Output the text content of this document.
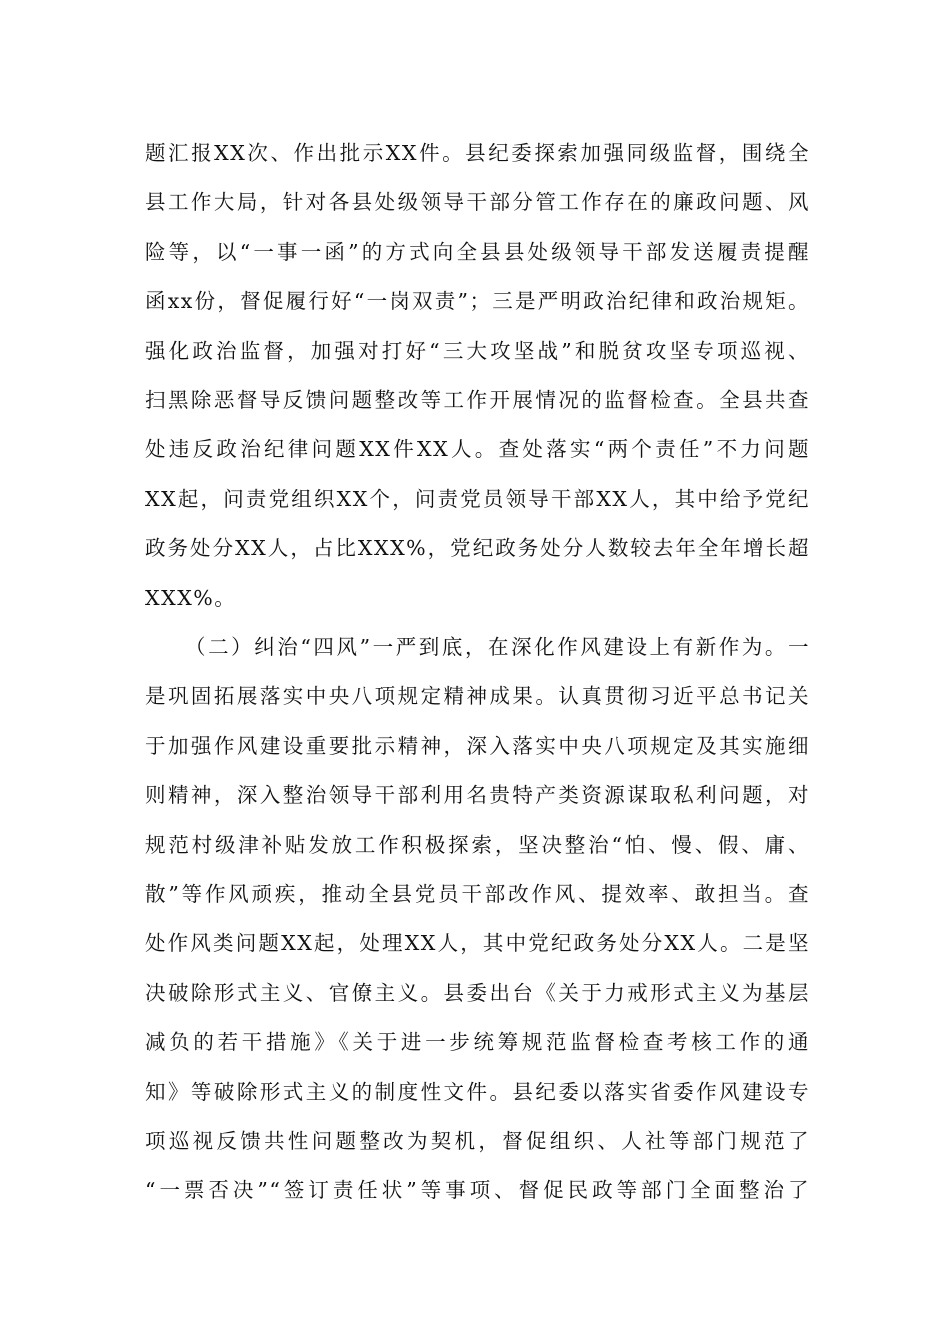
题汇报XX次、作出批示XX件。县纪委探索加强同级监督，围绕全
县工作大局，针对各县处级领导干部分管工作存在的廉政问题、风
险等，以“一事一函”的方式向全县县处级领导干部发送履责提醒
函xx份，督促履行好“一岗双责”；三是严明政治纪律和政治规矩。
强化政治监督，加强对打好“三大攻坚战”和脱贫攻坚专项巡视、
扫黑除恶督导反馈问题整改等工作开展情况的监督检查。全县共查
处违反政治纪律问题XX件XX人。查处落实“两个责任”不力问题
XX起，问责党组织XX个，问责党员领导干部XX人，其中给予党纪
政务处分XX人，占比XXX%，党纪政务处分人数较去年全年增长超
XXX%。
（二）纠治“四风”一严到底，在深化作风建设上有新作为。一
是巩固拓展落实中央八项规定精神成果。认真贯彻习近平总书记关
于加强作风建设重要批示精神，深入落实中央八项规定及其实施细
则精神，深入整治领导干部利用名贵特产类资源谋取私利问题，对
规范村级津补贴发放工作积极探索，坚决整治“怕、慢、假、庸、
散”等作风顽疾，推动全县党员干部改作风、提效率、敢担当。查
处作风类问题XX起，处理XX人，其中党纪政务处分XX人。二是坚
决破除形式主义、官僚主义。县委出台《关于力戒形式主义为基层
减负的若干措施》《关于进一步统筹规范监督检查考核工作的通
知》等破除形式主义的制度性文件。县纪委以落实省委作风建设专
项巡视反馈共性问题整改为契机，督促组织、人社等部门规范了
“一票否决”“签订责任状”等事项、督促民政等部门全面整治了
